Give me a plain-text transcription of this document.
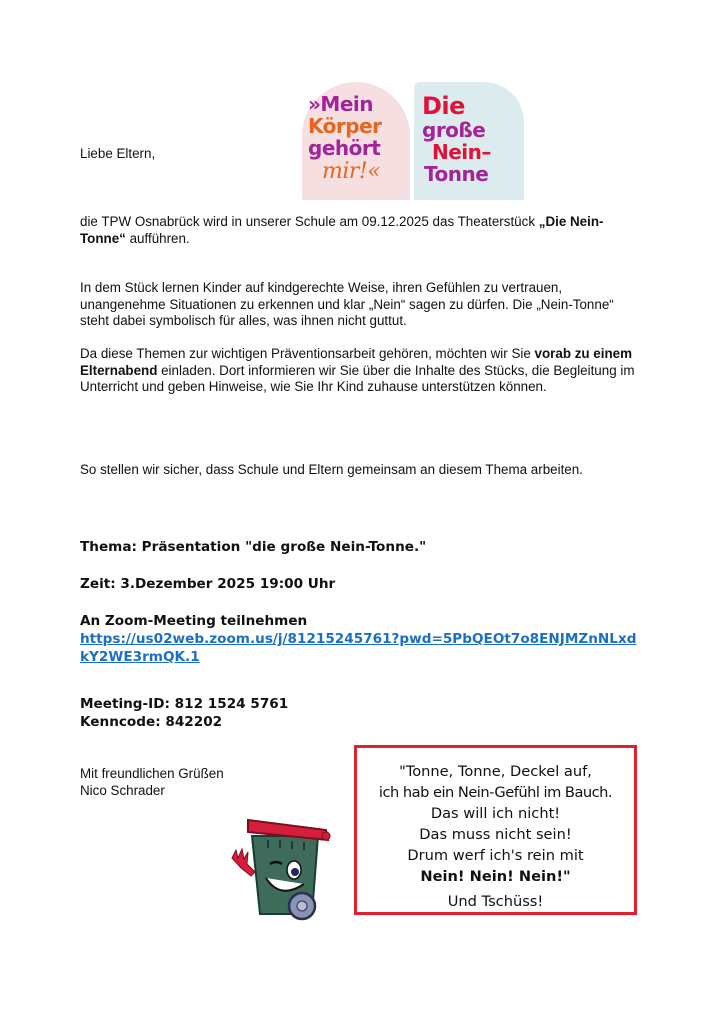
Liebe Eltern,
»Mein
Körper
gehört
mir!«
Die
große
Nein–
Tonne
die TPW Osnabrück wird in unserer Schule am 09.12.2025 das Theaterstück „Die Nein-Tonne“ aufführen.
In dem Stück lernen Kinder auf kindgerechte Weise, ihren Gefühlen zu vertrauen, unangenehme Situationen zu erkennen und klar „Nein“ sagen zu dürfen. Die „Nein-Tonne“ steht dabei symbolisch für alles, was ihnen nicht guttut.
Da diese Themen zur wichtigen Präventionsarbeit gehören, möchten wir Sie vorab zu einem Elternabend einladen. Dort informieren wir Sie über die Inhalte des Stücks, die Begleitung im Unterricht und geben Hinweise, wie Sie Ihr Kind zuhause unterstützen können.
So stellen wir sicher, dass Schule und Eltern gemeinsam an diesem Thema arbeiten.
Thema: Präsentation "die große Nein-Tonne."
Zeit: 3.Dezember 2025 19:00 Uhr
An Zoom-Meeting teilnehmen
https://us02web.zoom.us/j/81215245761?pwd=5PbQEOt7o8ENJMZnNLxdkY2WE3rmQK.1
Meeting-ID: 812 1524 5761
Kenncode: 842202
Mit freundlichen Grüßen
Nico Schrader
"Tonne, Tonne, Deckel auf,
ich hab ein Nein-Gefühl im Bauch.
Das will ich nicht!
Das muss nicht sein!
Drum werf ich's rein mit
Nein! Nein! Nein!"
Und Tschüss!
